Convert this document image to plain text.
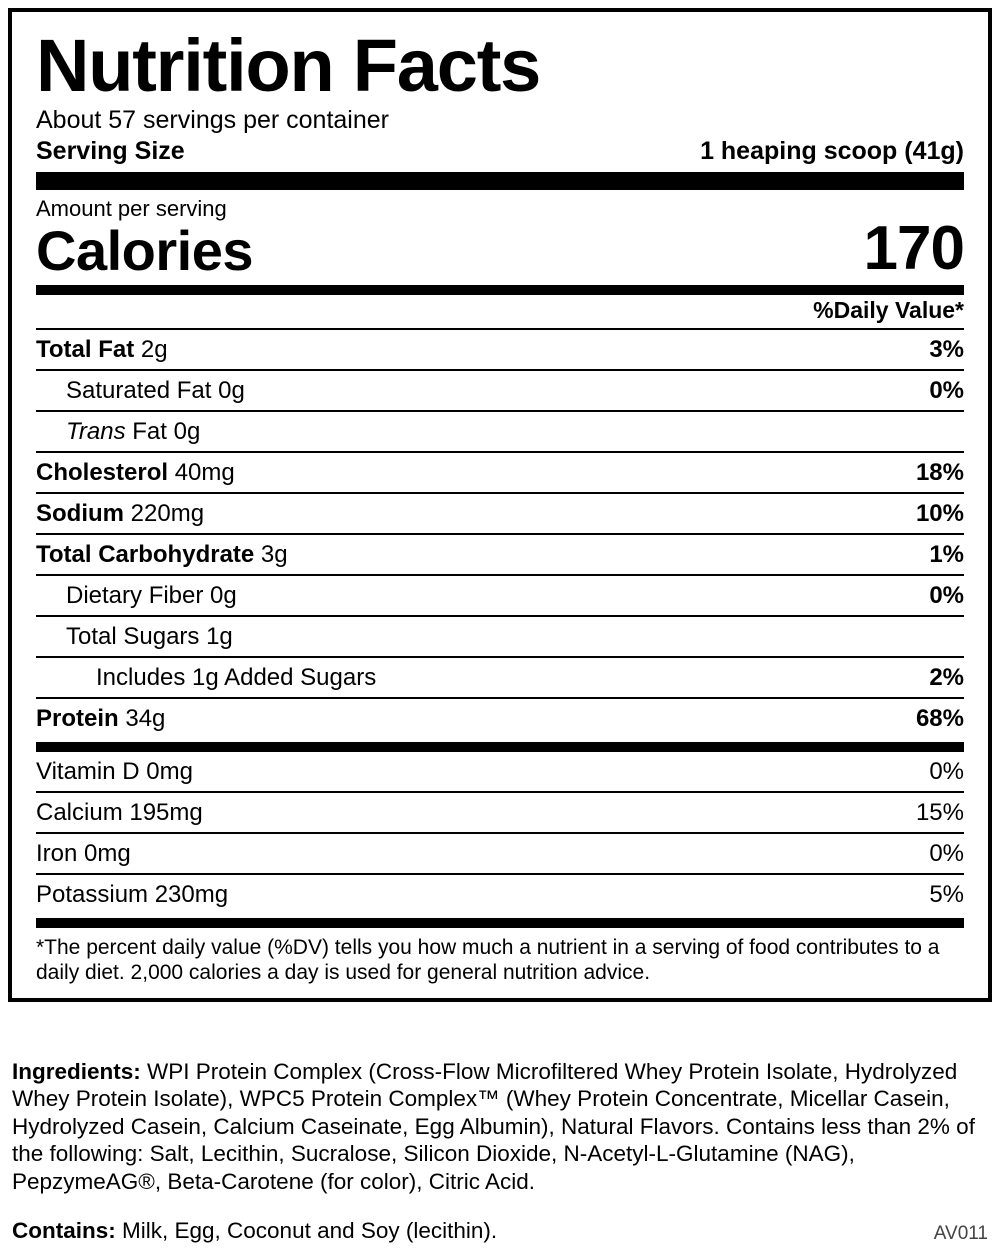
Nutrition Facts
About 57 servings per container
Serving Size	1 heaping scoop (41g)
Amount per serving
Calories	170
%Daily Value*
Total Fat 2g	3%
Saturated Fat 0g	0%
Trans Fat 0g
Cholesterol 40mg	18%
Sodium 220mg	10%
Total Carbohydrate 3g	1%
Dietary Fiber 0g	0%
Total Sugars 1g
Includes 1g Added Sugars	2%
Protein 34g	68%
Vitamin D 0mg	0%
Calcium 195mg	15%
Iron 0mg	0%
Potassium 230mg	5%
*The percent daily value (%DV) tells you how much a nutrient in a serving of food contributes to a daily diet. 2,000 calories a day is used for general nutrition advice.

Ingredients: WPI Protein Complex (Cross-Flow Microfiltered Whey Protein Isolate, Hydrolyzed Whey Protein Isolate), WPC5 Protein Complex™ (Whey Protein Concentrate, Micellar Casein, Hydrolyzed Casein, Calcium Caseinate, Egg Albumin), Natural Flavors. Contains less than 2% of the following: Salt, Lecithin, Sucralose, Silicon Dioxide, N-Acetyl-L-Glutamine (NAG), PepzymeAG®, Beta-Carotene (for color), Citric Acid.

Contains: Milk, Egg, Coconut and Soy (lecithin).	AV011
